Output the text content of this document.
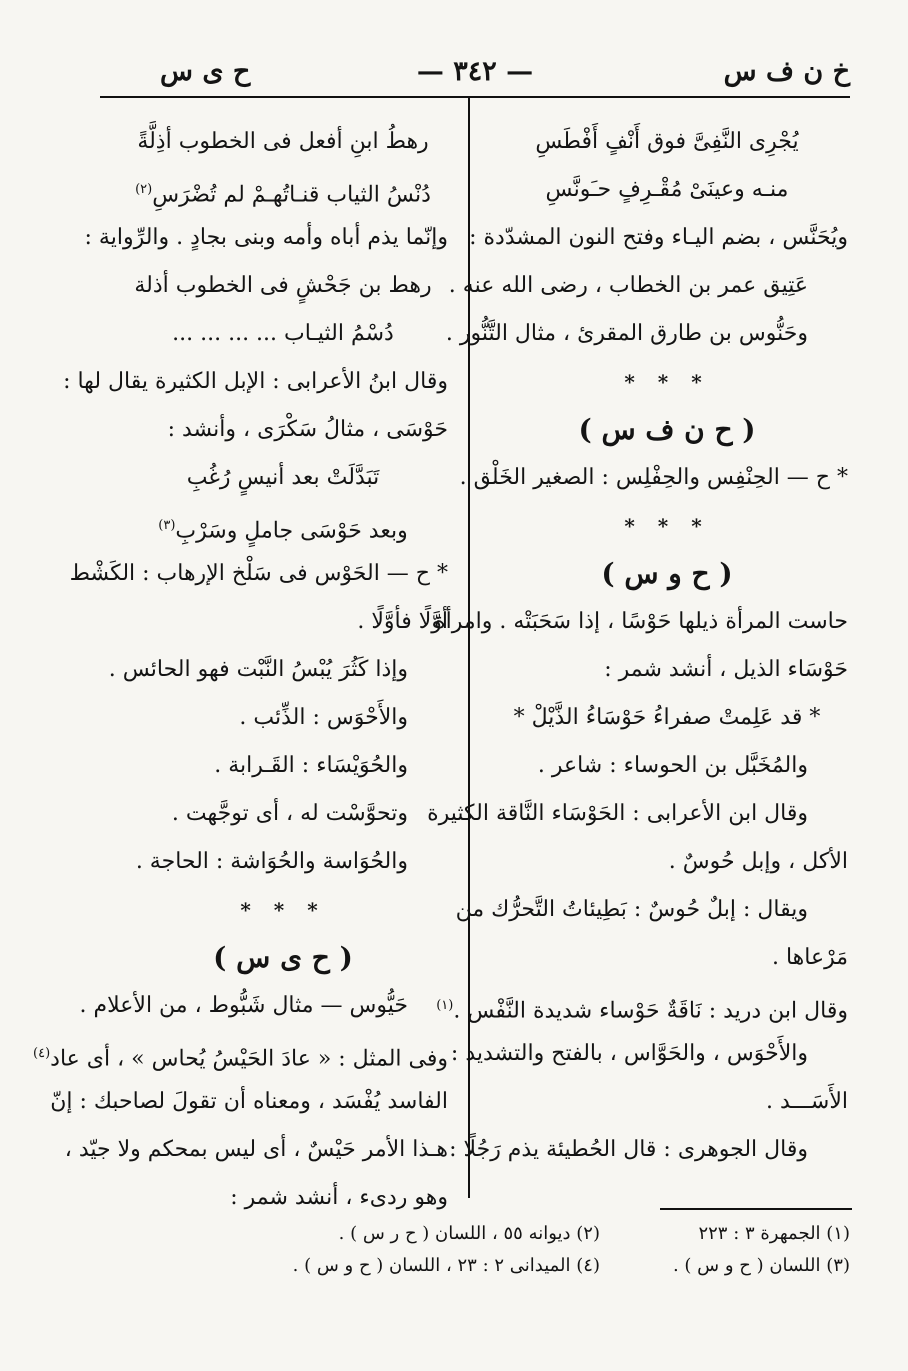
خ ن ف س
— ٣٤٢ —
ح ى س
يُجْرِى النَّفِىَّ فوق أَنْفٍ أَفْطَسِ
منـه وعينَىْ مُقْـرِفٍ حـَونَّسِ
ويُحَنَّس ، بضم اليـاء وفتح النون المشدّدة :
عَتِيق عمر بن الخطاب ، رضى الله عنه .
وحَنُّوس بن طارق المقرئ ، مثال التَّنُّور .
* * *
( ح ن ف س )
* ح — الحِنْفِس والحِفْلِس : الصغير الخَلْق .
* * *
( ح و س )
حاست المرأة ذيلها حَوْسًا ، إذا سَحَبَتْه . وامرأة
حَوْسَاء الذيل ، أنشد شمر :
* قد عَلِمتْ صفراءُ حَوْسَاءُ الذَّيْلْ *
والمُخَبَّل بن الحوساء : شاعر .
وقال ابن الأعرابى : الحَوْسَاء النَّاقة الكثيرة
الأكل ، وإبل حُوسٌ .
ويقال : إبلٌ حُوسٌ : بَطِيئاتُ التَّحرُّك من
مَرْعاها .
وقال ابن دريد : نَاقَةٌ حَوْساء شديدة النَّفْس .$^{(١)}$
والأَحْوَس ، والحَوَّاس ، بالفتح والتشديد :
الأَسَـــد .
وقال الجوهرى : قال الحُطيئة يذم رَجُلًا :
رهطُ ابنِ أفعل فى الخطوب أذِلَّةً
دُنْسُ الثياب قنـاتُهـمْ لم تُضْرَسِ$^{(٢)}$
وإنّما يذم أباه وأمه وبنى بجادٍ . والرِّواية :
رهط بن جَحْشٍ فى الخطوب أذلة
دُسْمُ الثيـاب ... ... ... ...
وقال ابنُ الأعرابى : الإبل الكثيرة يقال لها :
حَوْسَى ، مثالُ سَكْرَى ، وأنشد :
تَبَدَّلَتْ بعد أنيسٍ رُغُبِ
وبعد حَوْسَى جاملٍ وسَرْبِ$^{(٣)}$
* ح — الحَوْس فى سَلْخ الإرهاب : الكَشْط
أوَّلًا فأوَّلًا .
وإذا كَثُرَ يُبْسُ النَّبْت فهو الحائس .
والأَحْوَس : الذِّئب .
والحُوَيْسَاء : القَـرابة .
وتحوَّسْت له ، أى توجَّهت .
والحُوَاسة والحُوَاشة : الحاجة .
* * *
( ح ى س )
حَيُّوس — مثال شَبُّوط ، من الأعلام .
وفى المثل : « عادَ الحَيْسُ يُحاس » ، أى عاد$^{(٤)}$
الفاسد يُفْسَد ، ومعناه أن تقولَ لصاحبك : إنّ
هـذا الأمر حَيْسٌ ، أى ليس بمحكم ولا جيّد ،
وهو ردىء ، أنشد شمر :
(١) الجمهرة ٣ : ٢٢٣
(٢) ديوانه ٥٥ ، اللسان ( ح ر س ) .
(٣) اللسان ( ح و س ) .
(٤) الميدانى ٢ : ٢٣ ، اللسان ( ح و س ) .
